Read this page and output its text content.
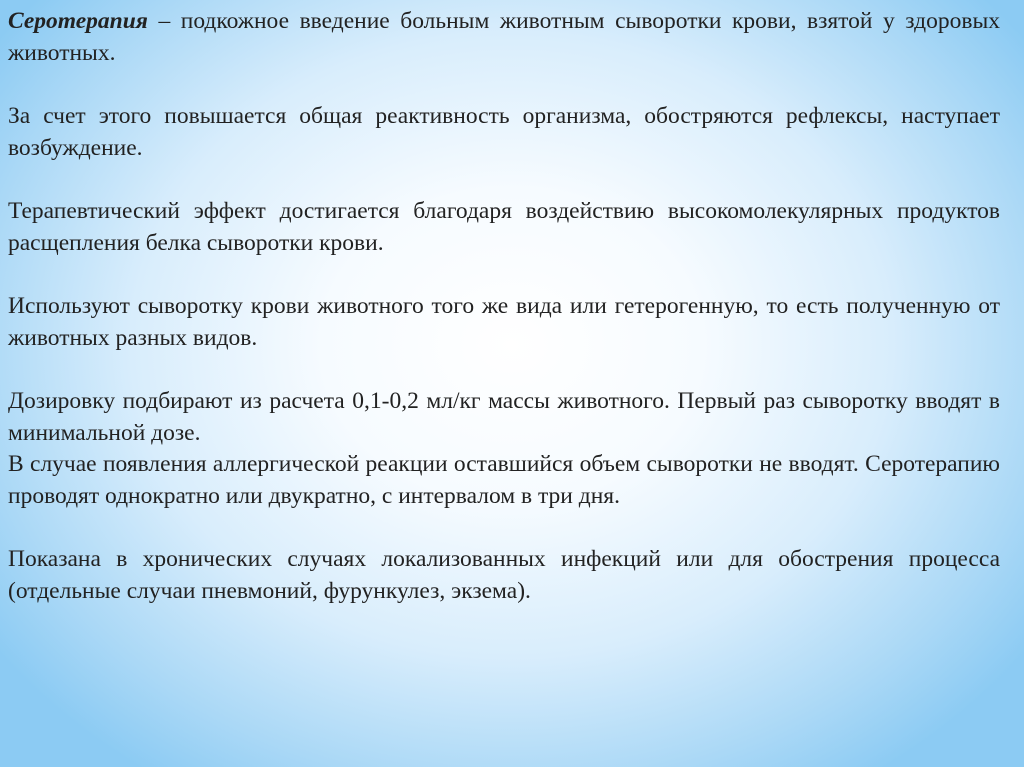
Серотерапия – подкожное введение больным животным сыворотки крови, взятой у здоровых животных.

За счет этого повышается общая реактивность организма, обостряются рефлексы, наступает возбуждение.

Терапевтический эффект достигается благодаря воздействию высокомолекулярных продуктов расщепления белка сыворотки крови.

Используют сыворотку крови животного того же вида или гетерогенную, то есть полученную от животных разных видов.

Дозировку подбирают из расчета 0,1-0,2 мл/кг массы животного. Первый раз сыворотку вводят в минимальной дозе.

В случае появления аллергической реакции оставшийся объем сыворотки не вводят. Серотерапию проводят однократно или двукратно, с интервалом в три дня.

Показана в хронических случаях локализованных инфекций или для обострения процесса (отдельные случаи пневмоний, фурункулез, экзема).
